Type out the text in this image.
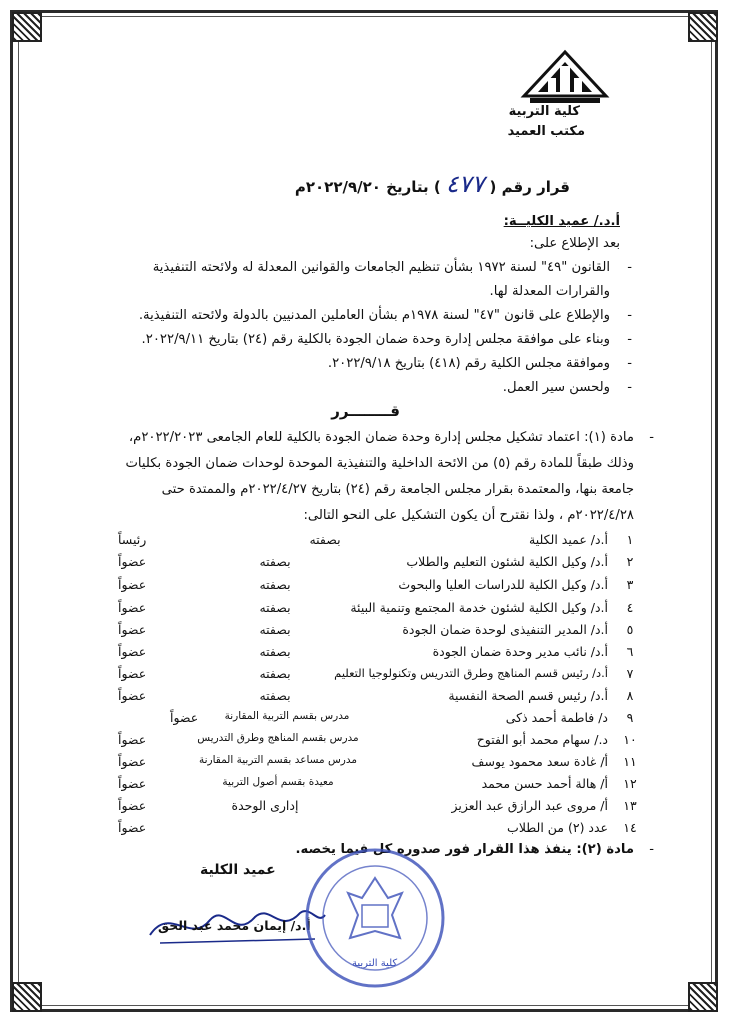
كلية التربية
مكتب العميد
قرار رقم ( ٤٧٧ ) بتاريخ ٢٠٢٢/٩/٢٠م
أ.د./ عميد الكليــة:
بعد الإطلاع على:
-
القانون "٤٩" لسنة ١٩٧٢ بشأن تنظيم الجامعات والقوانين المعدلة له ولائحته التنفيذية
والقرارات المعدلة لها.
-
والإطلاع على قانون "٤٧" لسنة ١٩٧٨م بشأن العاملين المدنيين بالدولة ولائحته التنفيذية.
-
وبناء على موافقة مجلس إدارة وحدة ضمان الجودة بالكلية رقم (٢٤) بتاريخ ٢٠٢٢/٩/١١.
-
وموافقة مجلس الكلية رقم (٤١٨) بتاريخ ٢٠٢٢/٩/١٨.
-
ولحسن سير العمل.
قــــــــرر
-
مادة (١): اعتماد تشكيل مجلس إدارة وحدة ضمان الجودة بالكلية للعام الجامعى ٢٠٢٢/٢٠٢٣م،
وذلك طبقاً للمادة رقم (٥) من الائحة الداخلية والتنفيذية الموحدة لوحدات ضمان الجودة بكليات
جامعة بنها، والمعتمدة بقرار مجلس الجامعة رقم (٢٤) بتاريخ ٢٠٢٢/٤/٢٧م والممتدة حتى
٢٠٢٢/٤/٢٨م ، ولذا نقترح أن يكون التشكيل على النحو التالى:
١
أ.د/ عميد الكلية
بصفته
رئيساً
٢
أ.د/ وكيل الكلية لشئون التعليم والطلاب
بصفته
عضواً
٣
أ.د/ وكيل الكلية للدراسات العليا والبحوث
بصفته
عضواً
٤
أ.د/ وكيل الكلية لشئون خدمة المجتمع وتنمية البيئة
بصفته
عضواً
٥
أ.د/ المدير التنفيذى لوحدة ضمان الجودة
بصفته
عضواً
٦
أ.د/ نائب مدير وحدة ضمان الجودة
بصفته
عضواً
٧
أ.د/ رئيس قسم المناهج وطرق التدريس وتكنولوجيا التعليم
بصفته
عضواً
٨
أ.د/ رئيس قسم الصحة النفسية
بصفته
عضواً
٩
د/ فاطمة أحمد ذكى
مدرس بقسم التربية المقارنة
عضواً
١٠
د./ سهام محمد أبو الفتوح
مدرس بقسم المناهج وطرق التدريس
عضواً
١١
أ/ غادة سعد محمود يوسف
مدرس مساعد بقسم التربية المقارنة
عضواً
١٢
أ/ هالة أحمد حسن محمد
معيدة بقسم أصول التربية
عضواً
١٣
أ/ مروى عبد الرازق عبد العزيز
إدارى الوحدة
عضواً
١٤
عدد (٢) من الطلاب
عضواً
-
مادة (٢): ينفذ هذا القرار فور صدوره كل فيما يخصه.
عميد الكلية
أ.د/ إيمان محمد عبد الحق
كلية التربية
